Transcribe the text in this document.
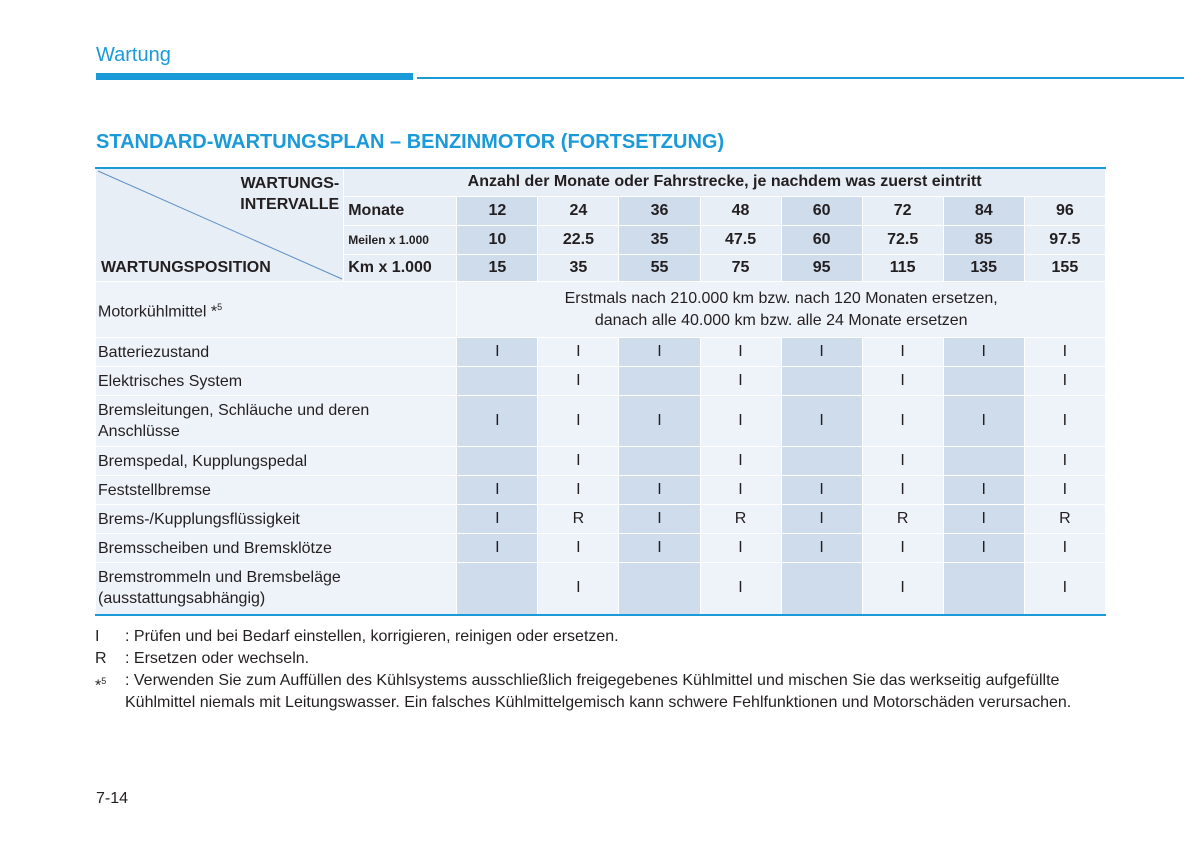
Wartung
STANDARD-WARTUNGSPLAN – BENZINMOTOR (FORTSETZUNG)
WARTUNGS-
INTERVALLE
WARTUNGSPOSITION	Anzahl der Monate oder Fahrstrecke, je nachdem was zuerst eintritt								
	Monate	12	24	36	48	60	72	84	96
	Meilen x 1.000	10	22.5	35	47.5	60	72.5	85	97.5
	Km x 1.000	15	35	55	75	95	115	135	155
Motorkühlmittel *$^5$		Erstmals nach 210.000 km bzw. nach 120 Monaten ersetzen,
danach alle 40.000 km bzw. alle 24 Monate ersetzen							

Batteriezustand		I	I	I	I	I	I	I	I
Elektrisches System			I		I		I		I
Bremsleitungen, Schläuche und deren Anschlüsse		I	I	I	I	I	I	I	I
Bremspedal, Kupplungspedal			I		I		I		I
Feststellbremse		I	I	I	I	I	I	I	I
Brems-/Kupplungsflüssigkeit		I	R	I	R	I	R	I	R
Bremsscheiben und Bremsklötze		I	I	I	I	I	I	I	I
Bremstrommeln und Bremsbeläge (ausstattungsabhängig)			I		I		I		I
I	: Prüfen und bei Bedarf einstellen, korrigieren, reinigen oder ersetzen.
R	: Ersetzen oder wechseln.
*$^5$	: Verwenden Sie zum Auffüllen des Kühlsystems ausschließlich freigegebenes Kühlmittel und mischen Sie das werkseitig aufgefüllte Kühlmittel niemals mit Leitungswasser. Ein falsches Kühlmittelgemisch kann schwere Fehlfunktionen und Motorschäden verursachen.
7-14
